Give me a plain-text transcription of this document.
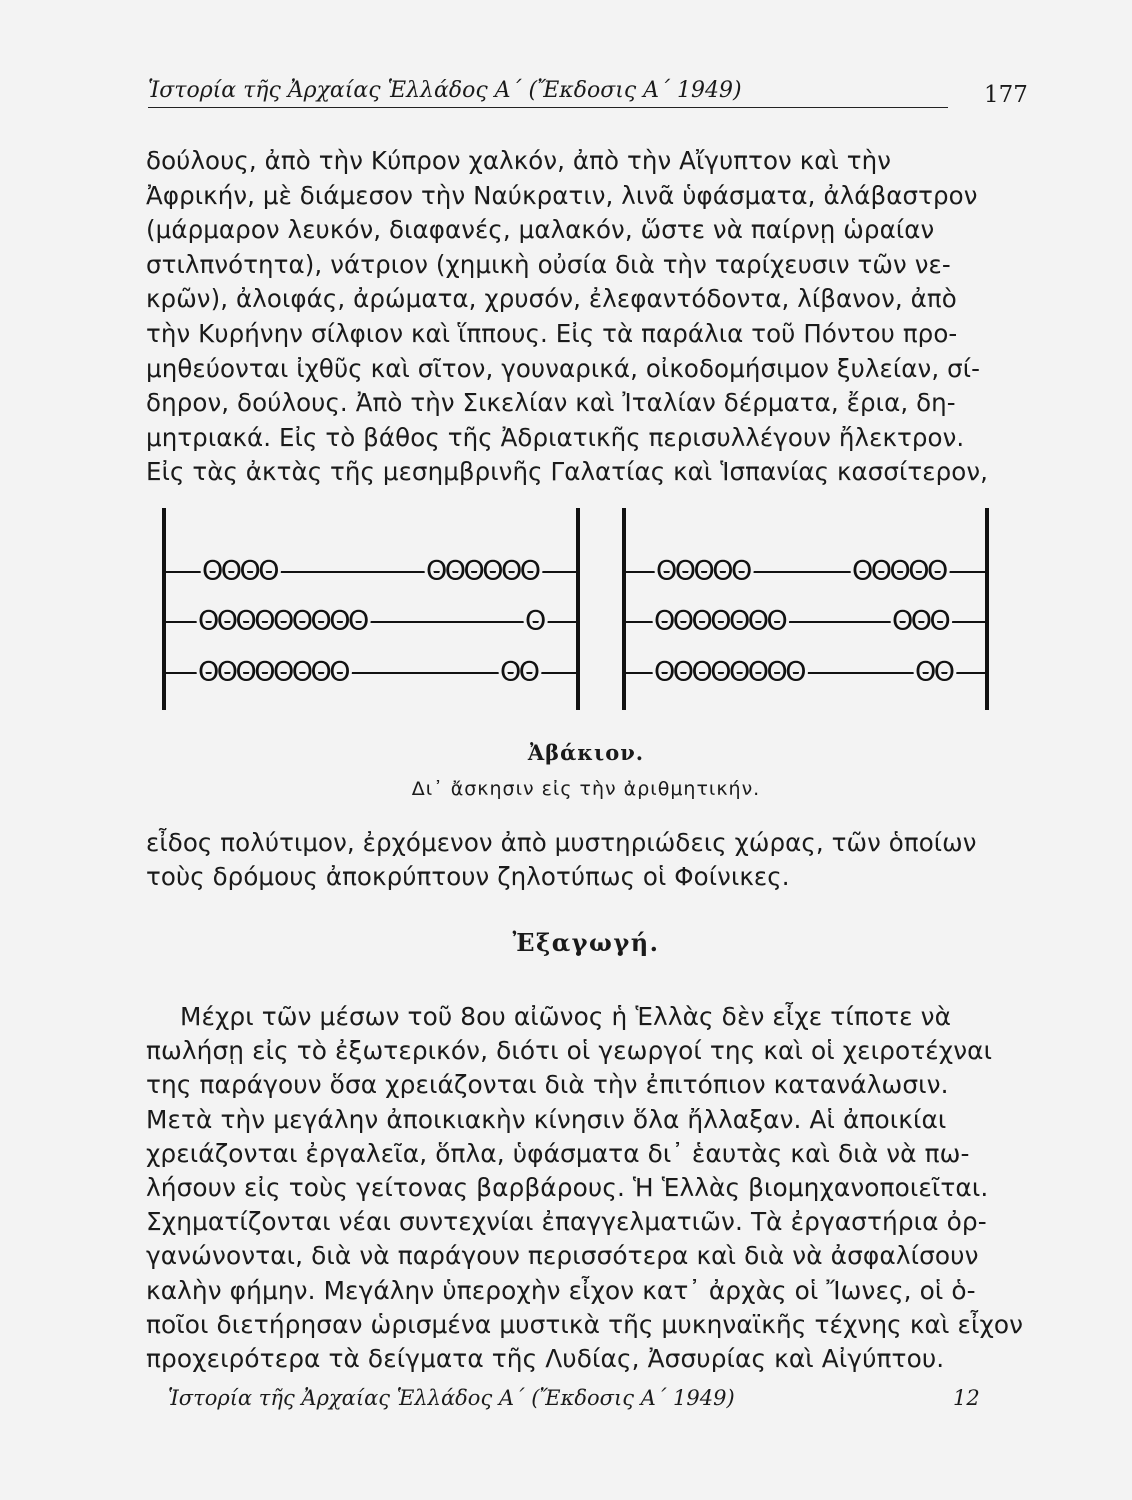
Ἱστορία τῆς Ἀρχαίας Ἑλλάδος Α΄ (Ἔκδοσις Α΄ 1949)	177
δούλους, ἀπὸ τὴν Κύπρον χαλκόν, ἀπὸ τὴν Αἴγυπτον καὶ τὴν
Ἀφρικήν, μὲ διάμεσον τὴν Ναύκρατιν, λινᾶ ὑφάσματα, ἀλάβαστρον
(μάρμαρον λευκόν, διαφανές, μαλακόν, ὥστε νὰ παίρνῃ ὡραίαν
στιλπνότητα), νάτριον (χημικὴ οὐσία διὰ τὴν ταρίχευσιν τῶν νε-
κρῶν), ἀλοιφάς, ἀρώματα, χρυσόν, ἐλεφαντόδοντα, λίβανον, ἀπὸ
τὴν Κυρήνην σίλφιον καὶ ἵππους. Εἰς τὰ παράλια τοῦ Πόντου προ-
μηθεύονται ἰχθῦς καὶ σῖτον, γουναρικά, οἰκοδομήσιμον ξυλείαν, σί-
δηρον, δούλους. Ἀπὸ τὴν Σικελίαν καὶ Ἰταλίαν δέρματα, ἔρια, δη-
μητριακά. Εἰς τὸ βάθος τῆς Ἀδριατικῆς περισυλλέγουν ἤλεκτρον.
Εἰς τὰς ἀκτὰς τῆς μεσημβρινῆς Γαλατίας καὶ Ἱσπανίας κασσίτερον,
OOOO	OOOOOO
OOOOOOOOO	O
OOOOOOOO	OO
OOOOO	OOOOO
OOOOOOO	OOO
OOOOOOOO	OO
Ἀβάκιον.
Δι᾽ ἄσκησιν εἰς τὴν ἀριθμητικήν.
εἶδος πολύτιμον, ἐρχόμενον ἀπὸ μυστηριώδεις χώρας, τῶν ὁποίων
τοὺς δρόμους ἀποκρύπτουν ζηλοτύπως οἱ Φοίνικες.
Ἐξαγωγή.
Μέχρι τῶν μέσων τοῦ 8ου αἰῶνος ἡ Ἑλλὰς δὲν εἶχε τίποτε νὰ
πωλήσῃ εἰς τὸ ἐξωτερικόν, διότι οἱ γεωργοί της καὶ οἱ χειροτέχναι
της παράγουν ὅσα χρειάζονται διὰ τὴν ἐπιτόπιον κατανάλωσιν.
Μετὰ τὴν μεγάλην ἀποικιακὴν κίνησιν ὅλα ἤλλαξαν. Αἱ ἀποικίαι
χρειάζονται ἐργαλεῖα, ὅπλα, ὑφάσματα δι᾽ ἑαυτὰς καὶ διὰ νὰ πω-
λήσουν εἰς τοὺς γείτονας βαρβάρους. Ἡ Ἑλλὰς βιομηχανοποιεῖται.
Σχηματίζονται νέαι συντεχνίαι ἐπαγγελματιῶν. Τὰ ἐργαστήρια ὀρ-
γανώνονται, διὰ νὰ παράγουν περισσότερα καὶ διὰ νὰ ἀσφαλίσουν
καλὴν φήμην. Μεγάλην ὑπεροχὴν εἶχον κατ᾽ ἀρχὰς οἱ Ἴωνες, οἱ ὁ-
ποῖοι διετήρησαν ὡρισμένα μυστικὰ τῆς μυκηναϊκῆς τέχνης καὶ εἶχον
προχειρότερα τὰ δείγματα τῆς Λυδίας, Ἀσσυρίας καὶ Αἰγύπτου.
Ἱστορία τῆς Ἀρχαίας Ἑλλάδος Α΄ (Ἔκδοσις Α΄ 1949)	12
